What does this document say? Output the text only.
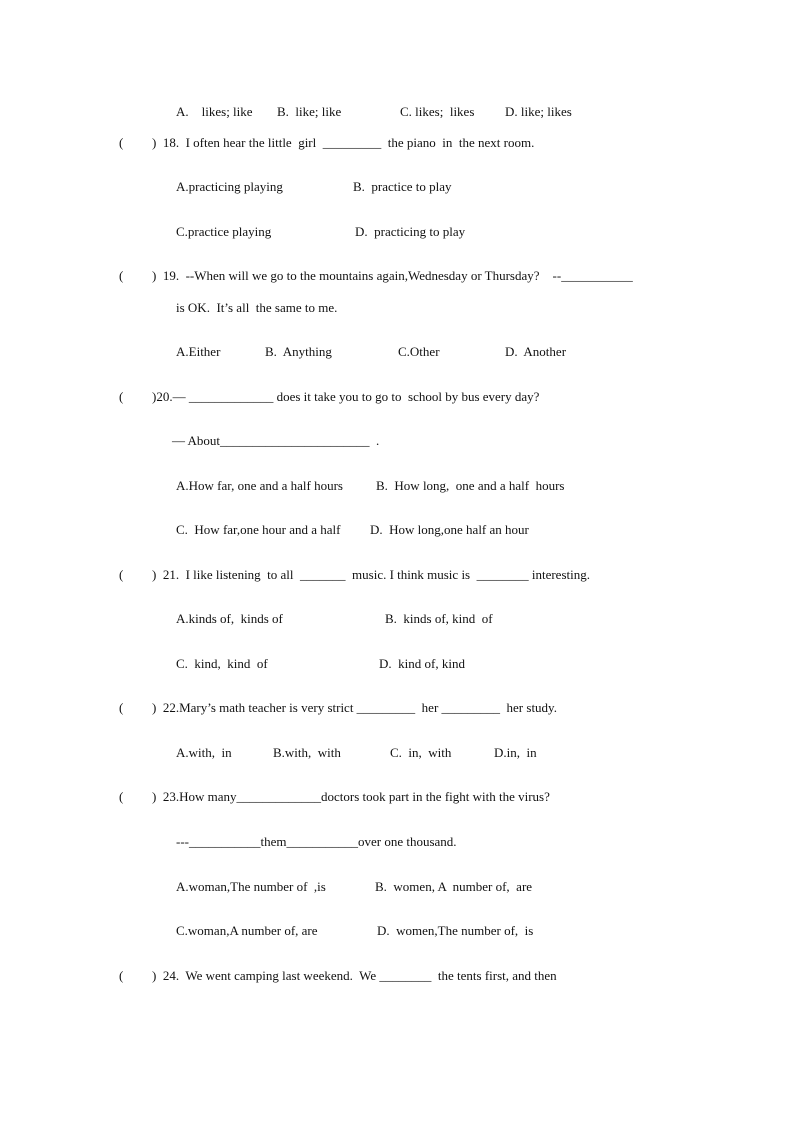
A.    likes; like B.  like; like	C. likes;  likes D. like; likes
( )  18.  I often hear the little  girl  _________  the piano  in  the next room.
A.practicing playing	B.  practice to play
C.practice playing	D.  practicing to play
( )  19.  --When will we go to the mountains again,Wednesday or Thursday?    --___________
is OK.  It’s all  the same to me.
A.Either	B.  Anything	C.Other	D.  Another
( )20.— _____________ does it take you to go to  school by bus every day?
— About_______________________  .
A.How far, one and a half hours	B.  How long,  one and a half  hours
C.  How far,one hour and a half D.  How long,one half an hour
( )  21.  I like listening  to all  _______  music. I think music is  ________ interesting.
A.kinds of,  kinds of	B.  kinds of, kind  of
C.  kind,  kind  of	D.  kind of, kind
( )  22.Mary’s math teacher is very strict _________  her _________  her study.
A.with,  in	B.with,  with	C.  in,  with	D.in,  in
( )  23.How many_____________doctors took part in the fight with the virus?
---___________them___________over one thousand.
A.woman,The number of  ,is	B.  women, A  number of,  are
C.woman,A number of, are	D.  women,The number of,  is
( )  24.  We went camping last weekend.  We ________  the tents first, and then
